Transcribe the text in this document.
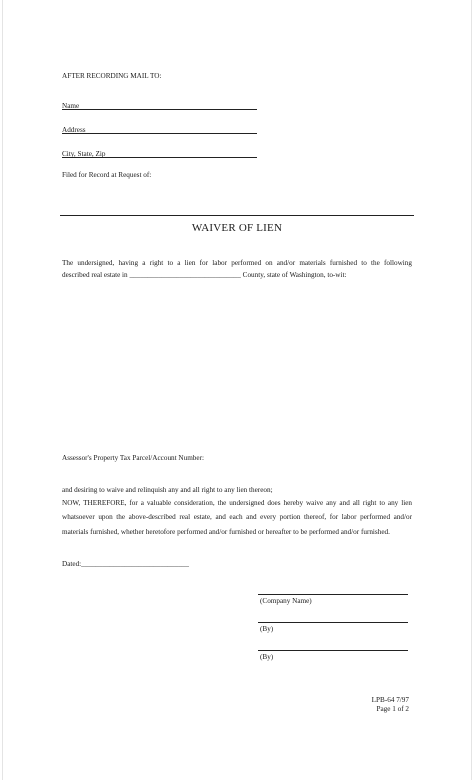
AFTER RECORDING MAIL TO:
Name
Address
City, State, Zip
Filed for Record at Request of:
WAIVER OF LIEN
The undersigned, having a right to a lien for labor performed on and/or materials furnished to the following
described real estate in _______________________________ County, state of Washington, to-wit:
Assessor's Property Tax Parcel/Account Number:
and desiring to waive and relinquish any and all right to any lien thereon;
NOW, THEREFORE, for a valuable consideration, the undersigned does hereby waive any and all right to any lien
whatsoever upon the above-described real estate, and each and every portion thereof, for labor performed and/or
materials furnished, whether heretofore performed and/or furnished or hereafter to be performed and/or furnished.
Dated:______________________________
(Company Name)
(By)
(By)
LPB-64 7/97
Page 1 of 2
